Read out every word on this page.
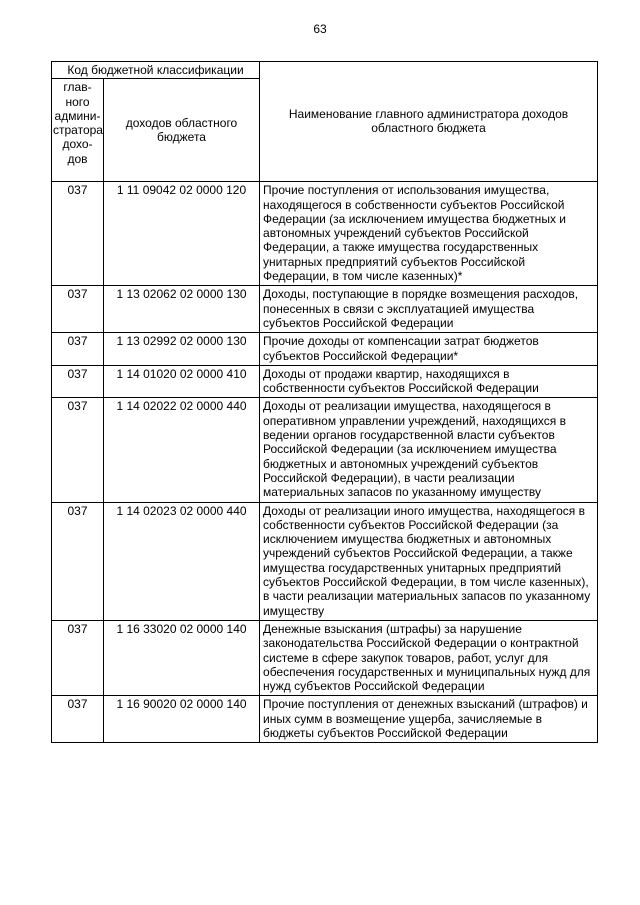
63
Код бюджетной классификации		Наименование главного администратора доходов областного бюджета
глав-ного админи-стратора дохо-дов	доходов областного бюджета	
037	1 11 09042 02 0000 120	Прочие поступления от использования имущества, находящегося в собственности субъектов Российской Федерации (за исключением имущества бюджетных и автономных учреждений субъектов Российской Федерации, а также имущества государственных унитарных предприятий субъектов Российской Федерации, в том числе казенных)*
037	1 13 02062 02 0000 130	Доходы, поступающие в порядке возмещения расходов, понесенных в связи с эксплуатацией имущества субъектов Российской Федерации
037	1 13 02992 02 0000 130	Прочие доходы от компенсации затрат бюджетов субъектов Российской Федерации*
037	1 14 01020 02 0000 410	Доходы от продажи квартир, находящихся в собственности субъектов Российской Федерации
037	1 14 02022 02 0000 440	Доходы от реализации имущества, находящегося в оперативном управлении учреждений, находящихся в ведении органов государственной власти субъектов Российской Федерации (за исключением имущества бюджетных и автономных учреждений субъектов Российской Федерации), в части реализации материальных запасов по указанному имуществу
037	1 14 02023 02 0000 440	Доходы от реализации иного имущества, находящегося в собственности субъектов Российской Федерации (за исключением имущества бюджетных и автономных учреждений субъектов Российской Федерации, а также имущества государственных унитарных предприятий субъектов Российской Федерации, в том числе казенных), в части реализации материальных запасов по указанному имуществу
037	1 16 33020 02 0000 140	Денежные взыскания (штрафы) за нарушение законодательства Российской Федерации о контрактной системе в сфере закупок товаров, работ, услуг для обеспечения государственных и муниципальных нужд для нужд субъектов Российской Федерации
037	1 16 90020 02 0000 140	Прочие поступления от денежных взысканий (штрафов) и иных сумм в возмещение ущерба, зачисляемые в бюджеты субъектов Российской Федерации
